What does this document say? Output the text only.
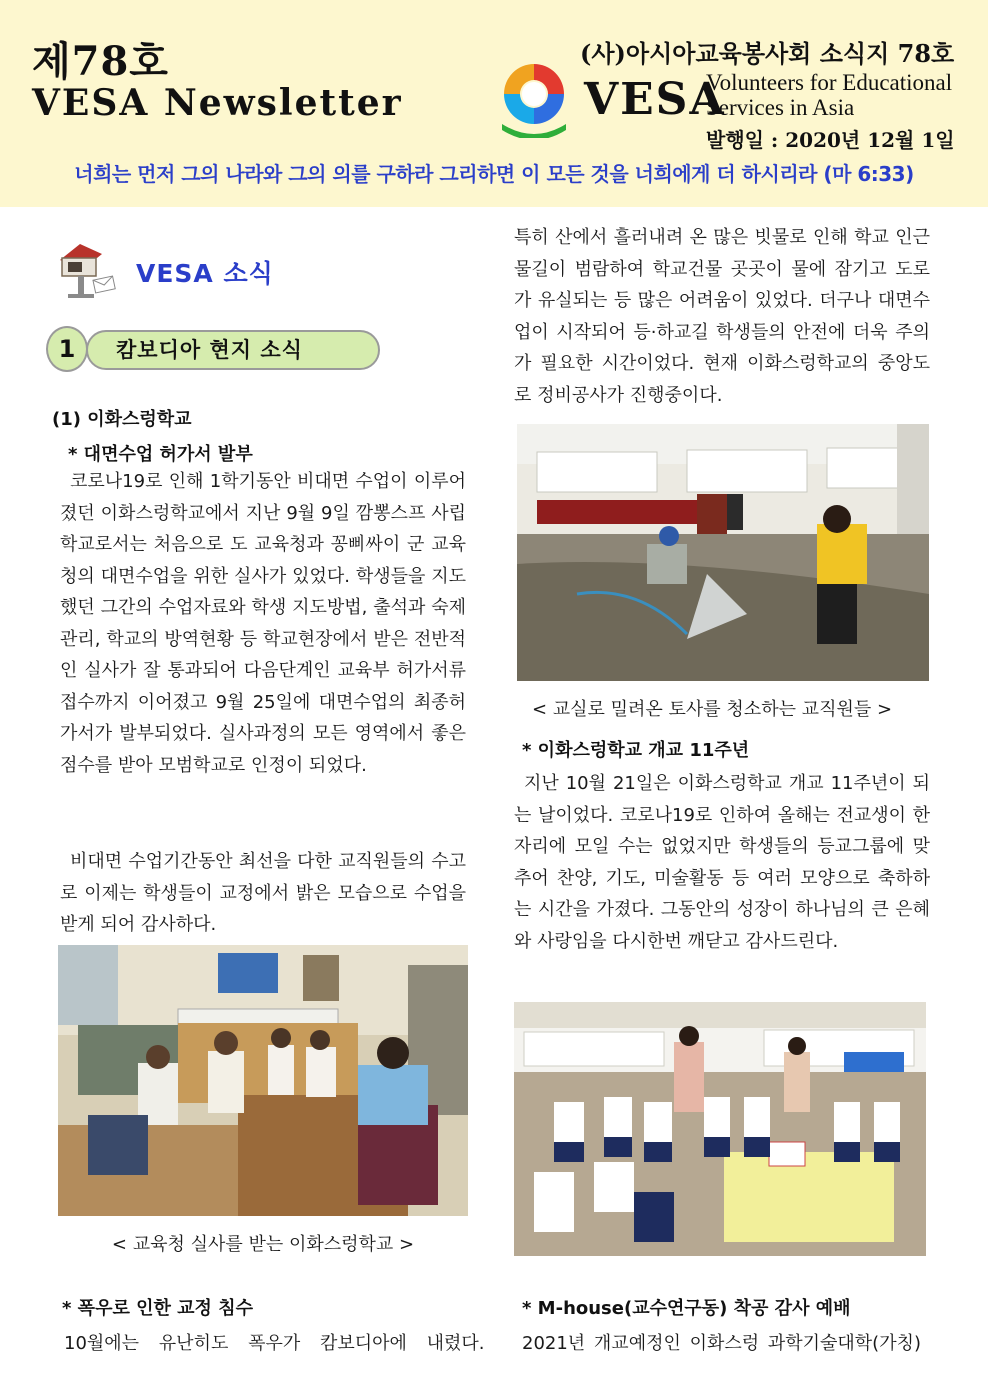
제78호
VESA Newsletter
(사)아시아교육봉사회 소식지 78호
VESA
Volunteers for Educational
Services in Asia
발행일 : 2020년 12월 1일
너희는 먼저 그의 나라와 그의 의를 구하라 그리하면 이 모든 것을 너희에게 더 하시리라 (마 6:33)
VESA 소식
1	캄보디아 현지 소식
(1) 이화스렁학교
* 대면수업 허가서 발부

코로나19로 인해 1학기동안 비대면 수업이 이루어졌던 이화스렁학교에서 지난 9월 9일 깜뽕스프 사립학교로서는 처음으로 도 교육청과 꽁삐싸이 군 교육청의 대면수업을 위한 실사가 있었다. 학생들을 지도했던 그간의 수업자료와 학생 지도방법, 출석과 숙제관리, 학교의 방역현황 등 학교현장에서 받은 전반적인 실사가 잘 통과되어 다음단계인 교육부 허가서류 접수까지 이어졌고 9월 25일에 대면수업의 최종허가서가 발부되었다. 실사과정의 모든 영역에서 좋은 점수를 받아 모범학교로 인정이 되었다.

비대면 수업기간동안 최선을 다한 교직원들의 수고로 이제는 학생들이 교정에서 밝은 모습으로 수업을 받게 되어 감사하다.

< 교육청 실사를 받는 이화스렁학교 >
* 폭우로 인한 교정 침수

10월에는 유난히도 폭우가 캄보디아에 내렸다.

특히 산에서 흘러내려 온 많은 빗물로 인해 학교 인근 물길이 범람하여 학교건물 곳곳이 물에 잠기고 도로가 유실되는 등 많은 어려움이 있었다. 더구나 대면수업이 시작되어 등·하교길 학생들의 안전에 더욱 주의가 필요한 시간이었다. 현재 이화스렁학교의 중앙도로 정비공사가 진행중이다.

< 교실로 밀려온 토사를 청소하는 교직원들 >
* 이화스렁학교 개교 11주년

지난 10월 21일은 이화스렁학교 개교 11주년이 되는 날이었다. 코로나19로 인하여 올해는 전교생이 한자리에 모일 수는 없었지만 학생들의 등교그룹에 맞추어 찬양, 기도, 미술활동 등 여러 모양으로 축하하는 시간을 가졌다. 그동안의 성장이 하나님의 큰 은혜와 사랑임을 다시한번 깨닫고 감사드린다.

* M-house(교수연구동) 착공 감사 예배

2021년 개교예정인 이화스렁 과학기술대학(가칭)
